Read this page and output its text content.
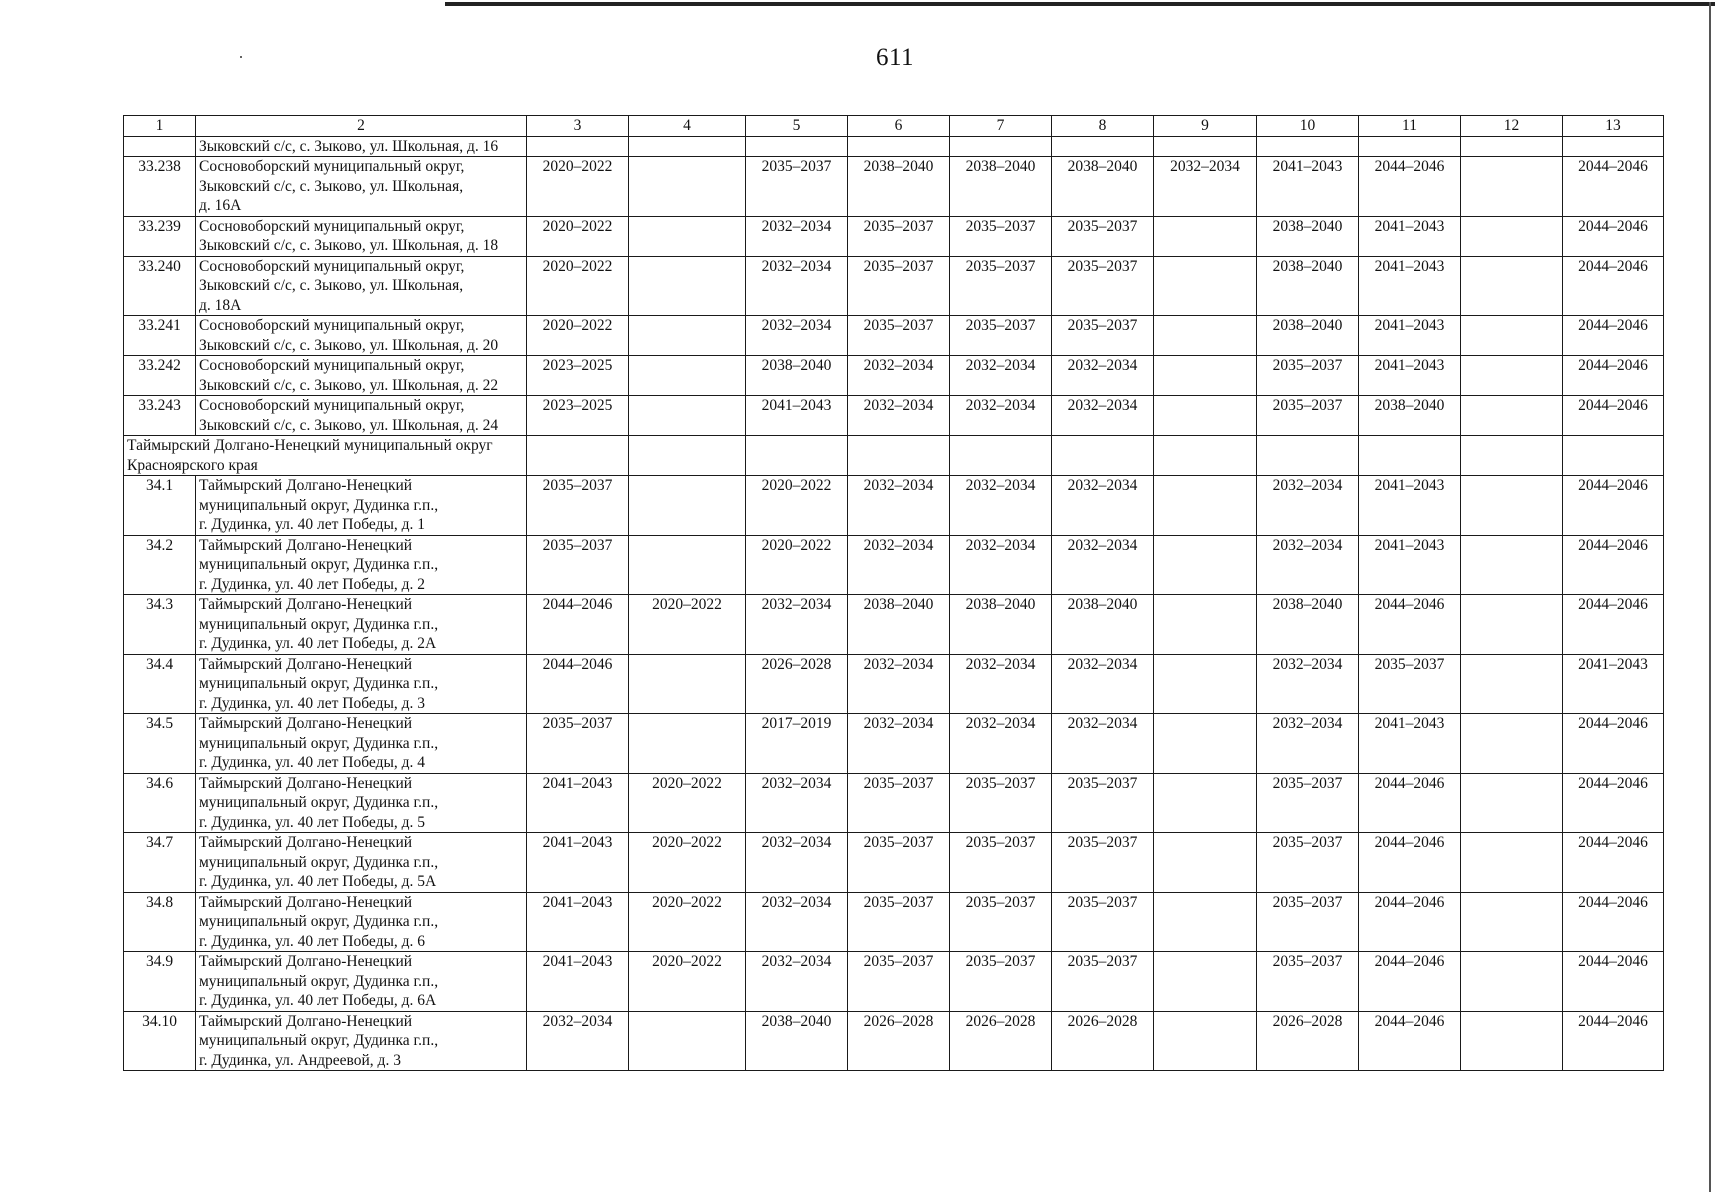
611
1	2	3	4	5	6	7	8	9	10	11	12	13

	Зыковский с/с, с. Зыково, ул. Школьная, д. 16											

33.238	Сосновоборский муниципальный округ,
Зыковский с/с, с. Зыково, ул. Школьная,
д. 16А	2020–2022		2035–2037	2038–2040	2038–2040	2038–2040	2032–2034	2041–2043	2044–2046		2044–2046
33.239	Сосновоборский муниципальный округ,
Зыковский с/с, с. Зыково, ул. Школьная, д. 18	2020–2022		2032–2034	2035–2037	2035–2037	2035–2037		2038–2040	2041–2043		2044–2046
33.240	Сосновоборский муниципальный округ,
Зыковский с/с, с. Зыково, ул. Школьная,
д. 18А	2020–2022		2032–2034	2035–2037	2035–2037	2035–2037		2038–2040	2041–2043		2044–2046
33.241	Сосновоборский муниципальный округ,
Зыковский с/с, с. Зыково, ул. Школьная, д. 20	2020–2022		2032–2034	2035–2037	2035–2037	2035–2037		2038–2040	2041–2043		2044–2046
33.242	Сосновоборский муниципальный округ,
Зыковский с/с, с. Зыково, ул. Школьная, д. 22	2023–2025		2038–2040	2032–2034	2032–2034	2032–2034		2035–2037	2041–2043		2044–2046
33.243	Сосновоборский муниципальный округ,
Зыковский с/с, с. Зыково, ул. Школьная, д. 24	2023–2025		2041–2043	2032–2034	2032–2034	2032–2034		2035–2037	2038–2040		2044–2046

Таймырский Долгано-Ненецкий муниципальный округ
Красноярского края												

34.1	Таймырский Долгано-Ненецкий
муниципальный округ, Дудинка г.п.,
г. Дудинка, ул. 40 лет Победы, д. 1	2035–2037		2020–2022	2032–2034	2032–2034	2032–2034		2032–2034	2041–2043		2044–2046
34.2	Таймырский Долгано-Ненецкий
муниципальный округ, Дудинка г.п.,
г. Дудинка, ул. 40 лет Победы, д. 2	2035–2037		2020–2022	2032–2034	2032–2034	2032–2034		2032–2034	2041–2043		2044–2046
34.3	Таймырский Долгано-Ненецкий
муниципальный округ, Дудинка г.п.,
г. Дудинка, ул. 40 лет Победы, д. 2А	2044–2046	2020–2022	2032–2034	2038–2040	2038–2040	2038–2040		2038–2040	2044–2046		2044–2046
34.4	Таймырский Долгано-Ненецкий
муниципальный округ, Дудинка г.п.,
г. Дудинка, ул. 40 лет Победы, д. 3	2044–2046		2026–2028	2032–2034	2032–2034	2032–2034		2032–2034	2035–2037		2041–2043
34.5	Таймырский Долгано-Ненецкий
муниципальный округ, Дудинка г.п.,
г. Дудинка, ул. 40 лет Победы, д. 4	2035–2037		2017–2019	2032–2034	2032–2034	2032–2034		2032–2034	2041–2043		2044–2046
34.6	Таймырский Долгано-Ненецкий
муниципальный округ, Дудинка г.п.,
г. Дудинка, ул. 40 лет Победы, д. 5	2041–2043	2020–2022	2032–2034	2035–2037	2035–2037	2035–2037		2035–2037	2044–2046		2044–2046
34.7	Таймырский Долгано-Ненецкий
муниципальный округ, Дудинка г.п.,
г. Дудинка, ул. 40 лет Победы, д. 5А	2041–2043	2020–2022	2032–2034	2035–2037	2035–2037	2035–2037		2035–2037	2044–2046		2044–2046
34.8	Таймырский Долгано-Ненецкий
муниципальный округ, Дудинка г.п.,
г. Дудинка, ул. 40 лет Победы, д. 6	2041–2043	2020–2022	2032–2034	2035–2037	2035–2037	2035–2037		2035–2037	2044–2046		2044–2046
34.9	Таймырский Долгано-Ненецкий
муниципальный округ, Дудинка г.п.,
г. Дудинка, ул. 40 лет Победы, д. 6А	2041–2043	2020–2022	2032–2034	2035–2037	2035–2037	2035–2037		2035–2037	2044–2046		2044–2046
34.10	Таймырский Долгано-Ненецкий
муниципальный округ, Дудинка г.п.,
г. Дудинка, ул. Андреевой, д. 3	2032–2034		2038–2040	2026–2028	2026–2028	2026–2028		2026–2028	2044–2046		2044–2046
